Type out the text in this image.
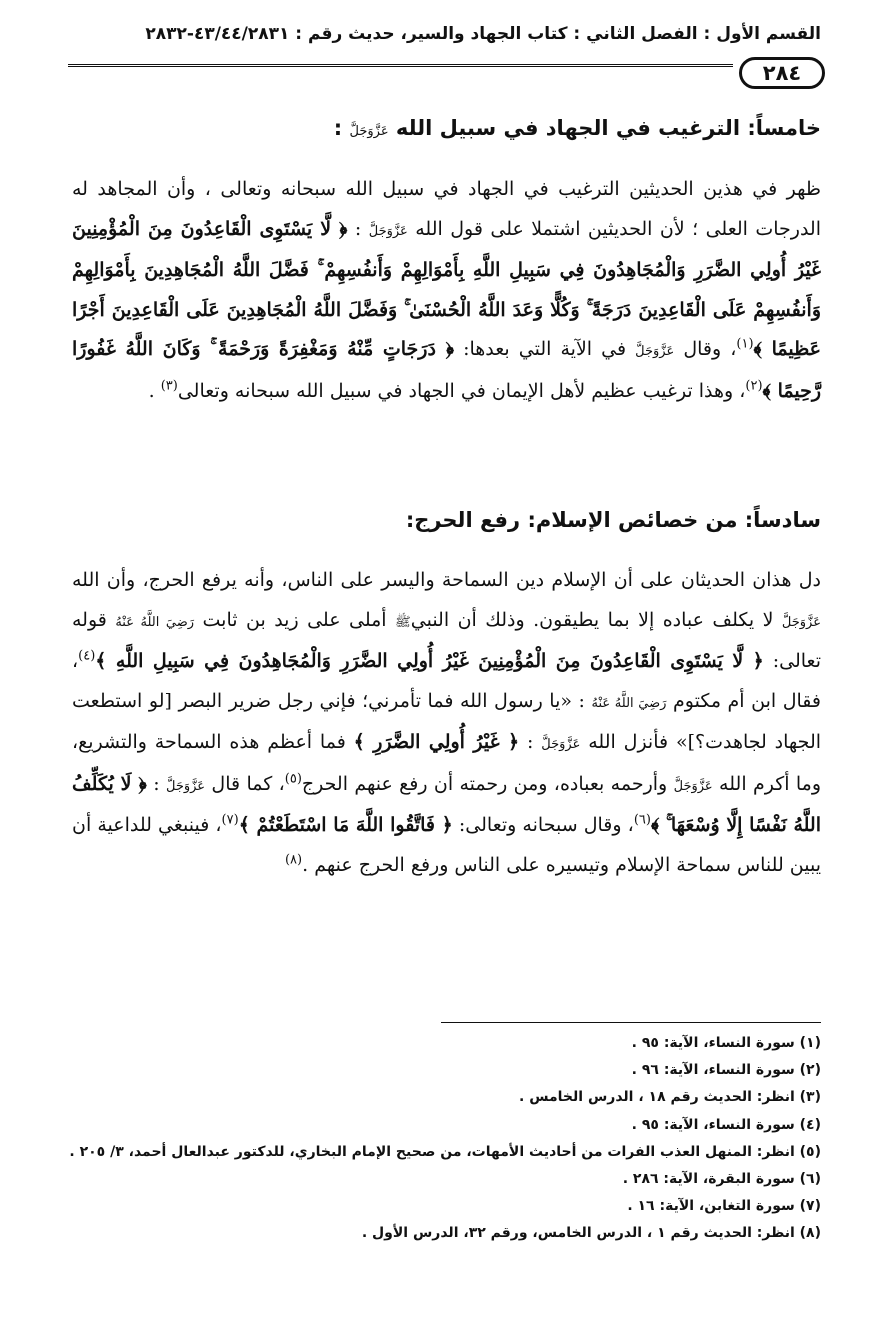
القسم الأول : الفصل الثاني : كتاب الجهاد والسير، حديث رقم : ٤٣/٤٤/٢٨٣١-٢٨٣٢
٢٨٤
خامساً: الترغيب في الجهاد في سبيل الله عَزَّوَجَلَّ :

ظهر في هذين الحديثين الترغيب في الجهاد في سبيل الله سبحانه وتعالى ، وأن المجاهد له الدرجات العلى ؛ لأن الحديثين اشتملا على قول الله عَزَّوَجَلَّ : ﴿ لَّا يَسْتَوِى الْقَاعِدُونَ مِنَ الْمُؤْمِنِينَ غَيْرُ أُولِي الضَّرَرِ وَالْمُجَاهِدُونَ فِي سَبِيلِ اللَّهِ بِأَمْوَالِهِمْ وَأَنفُسِهِمْ ۚ فَضَّلَ اللَّهُ الْمُجَاهِدِينَ بِأَمْوَالِهِمْ وَأَنفُسِهِمْ عَلَى الْقَاعِدِينَ دَرَجَةً ۚ وَكُلًّا وَعَدَ اللَّهُ الْحُسْنَىٰ ۚ وَفَضَّلَ اللَّهُ الْمُجَاهِدِينَ عَلَى الْقَاعِدِينَ أَجْرًا عَظِيمًا ﴾$^{(١)}$، وقال عَزَّوَجَلَّ في الآية التي بعدها: ﴿ دَرَجَاتٍ مِّنْهُ وَمَغْفِرَةً وَرَحْمَةً ۚ وَكَانَ اللَّهُ غَفُورًا رَّحِيمًا ﴾$^{(٢)}$، وهذا ترغيب عظيم لأهل الإيمان في الجهاد في سبيل الله سبحانه وتعالى$^{(٣)}$ .

سادساً: من خصائص الإسلام: رفع الحرج:

دل هذان الحديثان على أن الإسلام دين السماحة واليسر على الناس، وأنه يرفع الحرج، وأن الله عَزَّوَجَلَّ لا يكلف عباده إلا بما يطيقون. وذلك أن النبيﷺ أملى على زيد بن ثابت رَضِيَ اللَّهُ عَنْهُ قوله تعالى: ﴿ لَّا يَسْتَوِى الْقَاعِدُونَ مِنَ الْمُؤْمِنِينَ غَيْرُ أُولِي الضَّرَرِ وَالْمُجَاهِدُونَ فِي سَبِيلِ اللَّهِ ﴾$^{(٤)}$، فقال ابن أم مكتوم رَضِيَ اللَّهُ عَنْهُ : «يا رسول الله فما تأمرني؛ فإني رجل ضرير البصر [لو استطعت الجهاد لجاهدت؟]» فأنزل الله عَزَّوَجَلَّ : ﴿ غَيْرُ أُولِي الضَّرَرِ ﴾ فما أعظم هذه السماحة والتشريع، وما أكرم الله عَزَّوَجَلَّ وأرحمه بعباده، ومن رحمته أن رفع عنهم الحرج$^{(٥)}$، كما قال عَزَّوَجَلَّ : ﴿ لَا يُكَلِّفُ اللَّهُ نَفْسًا إِلَّا وُسْعَهَا ۚ ﴾$^{(٦)}$، وقال سبحانه وتعالى: ﴿ فَاتَّقُوا اللَّهَ مَا اسْتَطَعْتُمْ ﴾$^{(٧)}$، فينبغي للداعية أن يبين للناس سماحة الإسلام وتيسيره على الناس ورفع الحرج عنهم .$^{(٨)}$

(١) سورة النساء، الآية: ٩٥ .
(٢) سورة النساء، الآية: ٩٦ .
(٣) انظر: الحديث رقم ١٨ ، الدرس الخامس .
(٤) سورة النساء، الآية: ٩٥ .
(٥) انظر: المنهل العذب الفرات من أحاديث الأمهات، من صحيح الإمام البخاري، للدكتور عبدالعال أحمد، ٣/ ٢٠٥ .
(٦) سورة البقرة، الآية: ٢٨٦ .
(٧) سورة التغابن، الآية: ١٦ .
(٨) انظر: الحديث رقم ١ ، الدرس الخامس، ورقم ٣٢، الدرس الأول .
